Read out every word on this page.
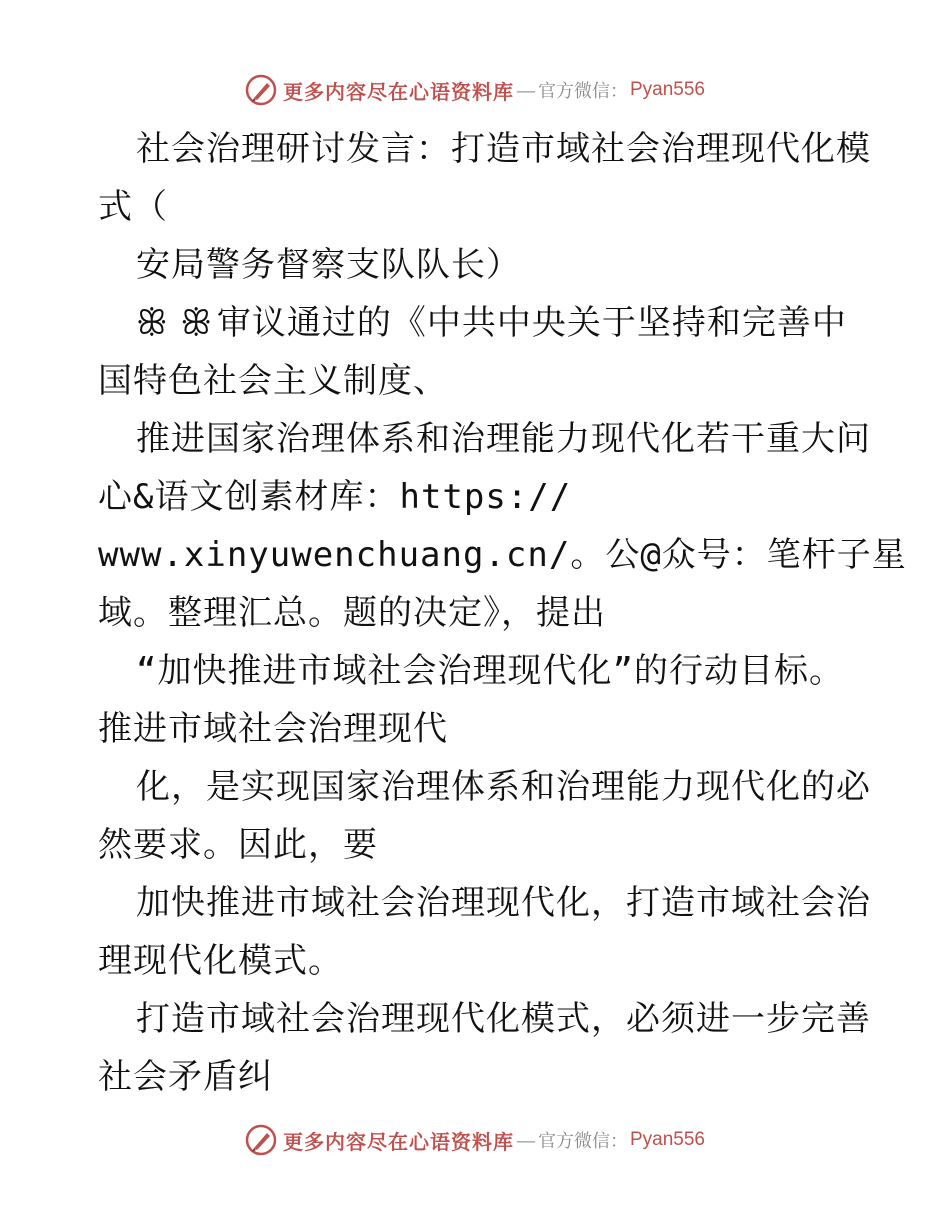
更多内容尽在心语资料库 — 官方微信： Pyan556
社会治理研讨发言：打造市域社会治理现代化模
式（
安局警务督察支队队长）
ꕥ ꕥ 审议通过的《中共中央关于坚持和完善中
国特色社会主义制度、
推进国家治理体系和治理能力现代化若干重大问
心&语文创素材库：https://
www.xinyuwenchuang.cn/。公@众号：笔杆子星
域。整理汇总。题的决定》，提出
“加快推进市域社会治理现代化”的行动目标。
推进市域社会治理现代
化，是实现国家治理体系和治理能力现代化的必
然要求。因此，要
加快推进市域社会治理现代化，打造市域社会治
理现代化模式。
打造市域社会治理现代化模式，必须进一步完善
社会矛盾纠
更多内容尽在心语资料库 — 官方微信： Pyan556
